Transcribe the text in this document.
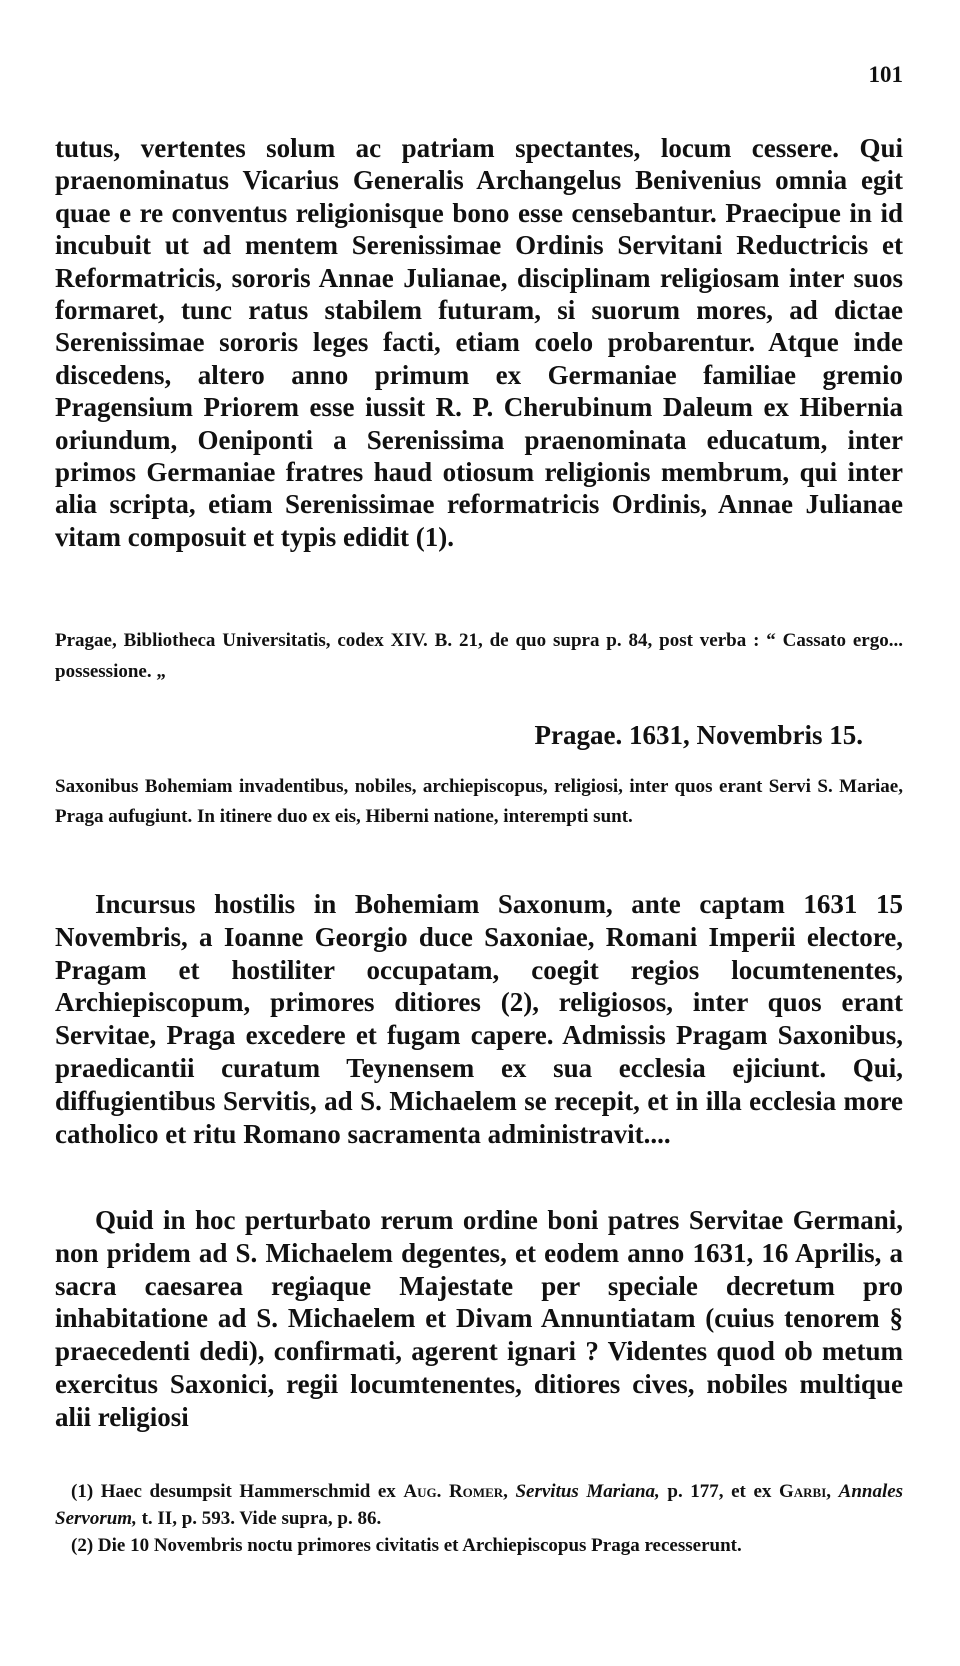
101

tutus, vertentes solum ac patriam spectantes, locum cessere. Qui praenominatus Vicarius Generalis Archangelus Benivenius omnia egit quae e re conventus religionisque bono esse censebantur. Praecipue in id incubuit ut ad mentem Serenissimae Ordinis Servitani Reductricis et Reformatricis, sororis Annae Julianae, disciplinam religiosam inter suos formaret, tunc ratus stabilem futuram, si suorum mores, ad dictae Serenissimae sororis leges facti, etiam coelo probarentur. Atque inde discedens, altero anno primum ex Germaniae familiae gremio Pragensium Priorem esse iussit R. P. Cherubinum Daleum ex Hibernia oriundum, Oeniponti a Serenissima praenominata educatum, inter primos Germaniae fratres haud otiosum religionis membrum, qui inter alia scripta, etiam Serenissimae reformatricis Ordinis, Annae Julianae vitam composuit et typis edidit (1).

Pragae, Bibliotheca Universitatis, codex XIV. B. 21, de quo supra p. 84, post verba : “ Cassato ergo... possessione. „

Pragae. 1631, Novembris 15.

Saxonibus Bohemiam invadentibus, nobiles, archiepiscopus, religiosi, inter quos erant Servi S. Mariae, Praga aufugiunt. In itinere duo ex eis, Hiberni natione, interempti sunt.

Incursus hostilis in Bohemiam Saxonum, ante captam 1631 15 Novembris, a Ioanne Georgio duce Saxoniae, Romani Imperii electore, Pragam et hostiliter occupatam, coegit regios locumtenentes, Archiepiscopum, primores ditiores (2), religiosos, inter quos erant Servitae, Praga excedere et fugam capere. Admissis Pragam Saxonibus, praedicantii curatum Teynensem ex sua ecclesia ejiciunt. Qui, diffugientibus Servitis, ad S. Michaelem se recepit, et in illa ecclesia more catholico et ritu Romano sacramenta administravit....

Quid in hoc perturbato rerum ordine boni patres Servitae Germani, non pridem ad S. Michaelem degentes, et eodem anno 1631, 16 Aprilis, a sacra caesarea regiaque Majestate per speciale decretum pro inhabitatione ad S. Michaelem et Divam Annuntiatam (cuius tenorem § praecedenti dedi), confirmati, agerent ignari ? Videntes quod ob metum exercitus Saxonici, regii locumtenentes, ditiores cives, nobiles multique alii religiosi

(1) Haec desumpsit Hammerschmid ex Aug. Romer, Servitus Mariana, p. 177, et ex Garbi, Annales Servorum, t. II, p. 593. Vide supra, p. 86.

(2) Die 10 Novembris noctu primores civitatis et Archiepiscopus Praga recesserunt.
